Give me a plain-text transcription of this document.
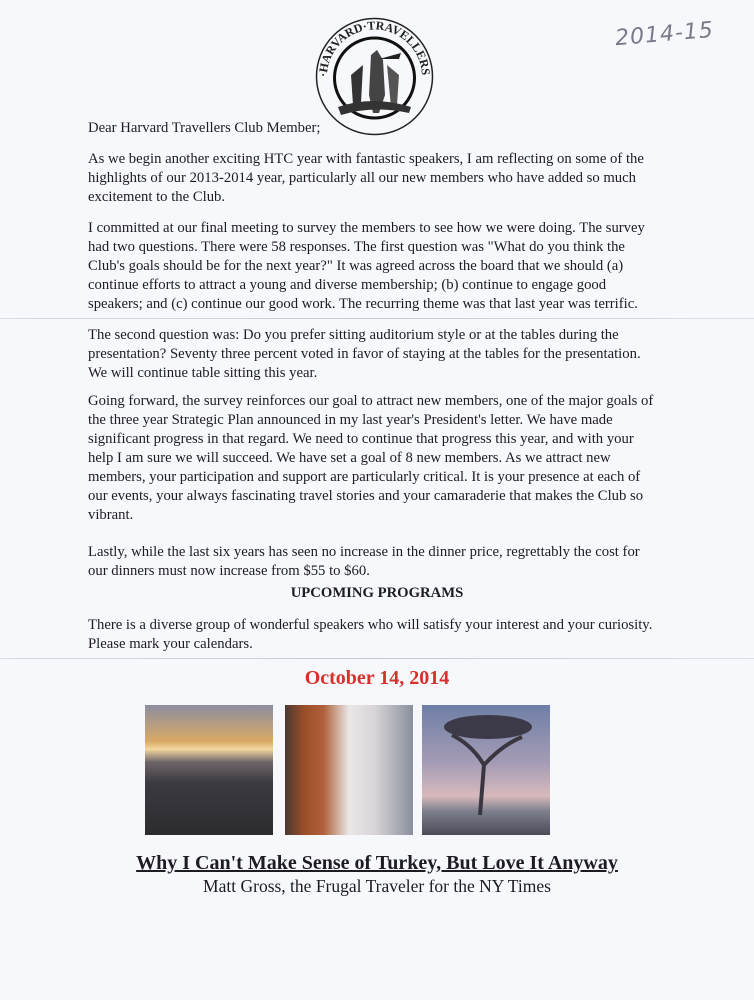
·HARVARD·TRAVELLERS
2014-15
Dear Harvard Travellers Club Member;
As we begin another exciting HTC year with fantastic speakers, I am reflecting on some of the
highlights of our 2013-2014 year, particularly all our new members who have added so much
excitement to the Club.
I committed at our final meeting to survey the members to see how we were doing. The survey
had two questions. There were 58 responses. The first question was "What do you think the
Club's goals should be for the next year?" It was agreed across the board that we should (a)
continue efforts to attract a young and diverse membership; (b) continue to engage good
speakers; and (c) continue our good work. The recurring theme was that last year was terrific.
The second question was: Do you prefer sitting auditorium style or at the tables during the
presentation? Seventy three percent voted in favor of staying at the tables for the presentation.
We will continue table sitting this year.
Going forward, the survey reinforces our goal to attract new members, one of the major goals of
the three year Strategic Plan announced in my last year's President's letter. We have made
significant progress in that regard. We need to continue that progress this year, and with your
help I am sure we will succeed. We have set a goal of 8 new members. As we attract new
members, your participation and support are particularly critical. It is your presence at each of
our events, your always fascinating travel stories and your camaraderie that makes the Club so
vibrant.
Lastly, while the last six years has seen no increase in the dinner price, regrettably the cost for
our dinners must now increase from $55 to $60.
UPCOMING PROGRAMS
There is a diverse group of wonderful speakers who will satisfy your interest and your curiosity.
Please mark your calendars.
October 14, 2014
Why I Can't Make Sense of Turkey, But Love It Anyway
Matt Gross, the Frugal Traveler for the NY Times
